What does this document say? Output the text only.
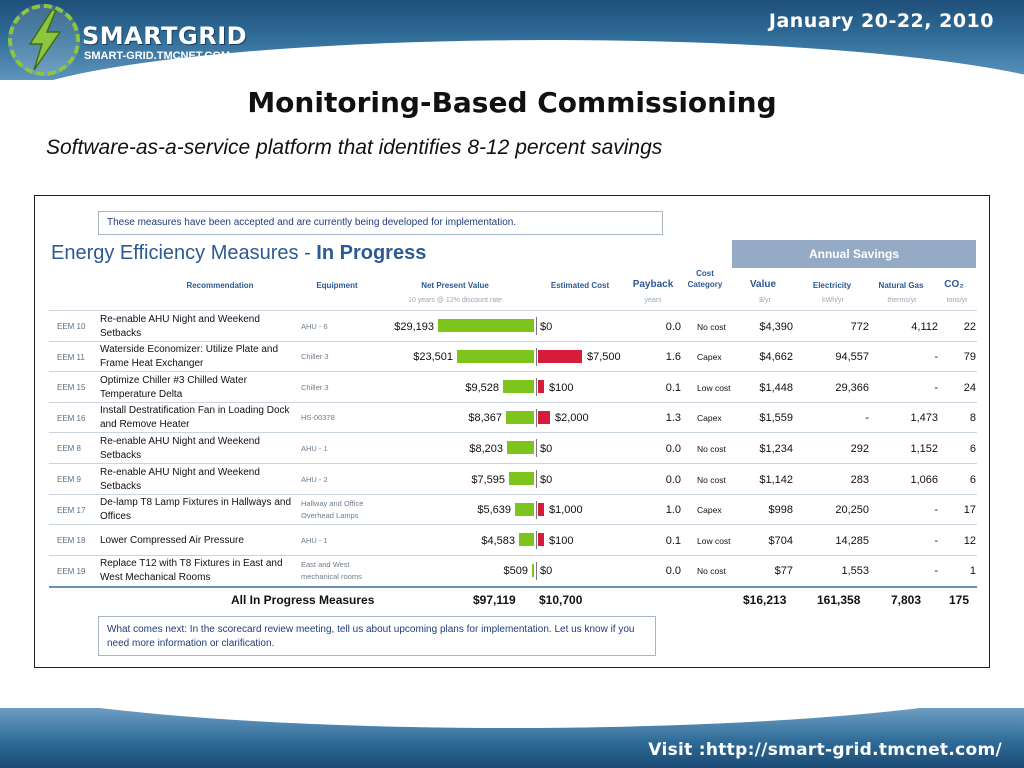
SMARTGRID
SMART-GRID.TMCNET.COM
January 20-22, 2010
Monitoring-Based Commissioning
Software-as-a-service platform that identifies 8-12 percent savings
These measures have been accepted and are currently being developed for implementation.
Energy Efficiency Measures - In Progress	Annual Savings
Recommendation	Equipment	Net Present Value	Estimated Cost	Payback
Cost Category	Value	Electricity	Natural Gas	CO₂
10 years @ 12% discount rate	years	$/yr	kWh/yr	therms/yr	tons/yr
EEM 10
Re-enable AHU Night and Weekend Setbacks
AHU - 6	$29,193	$0	0.0 No cost	$4,390	772	4,112	22
EEM 11
Waterside Economizer: Utilize Plate and Frame Heat Exchanger
Chiller 3	$23,501	$7,500	1.6 Capex	$4,662	94,557	-	79
EEM 15
Optimize Chiller #3 Chilled Water Temperature Delta
Chiller 3	$9,528	$100	0.1 Low cost	$1,448	29,366	-	24
EEM 16
Install Destratification Fan in Loading Dock and Remove Heater
HS-00378	$8,367	$2,000	1.3 Capex	$1,559	-	1,473	8
EEM 8
Re-enable AHU Night and Weekend Setbacks
AHU - 1	$8,203	$0	0.0 No cost	$1,234	292	1,152	6
EEM 9
Re-enable AHU Night and Weekend Setbacks
AHU - 2	$7,595	$0	0.0 No cost	$1,142	283	1,066	6
EEM 17
De-lamp T8 Lamp Fixtures in Hallways and Offices
Hallway and Office Overhead Lamps	$5,639	$1,000	1.0 Capex	$998	20,250	-	17
EEM 18	Lower Compressed Air Pressure	AHU - 1	$4,583	$100	0.1 Low cost	$704	14,285	-	12
EEM 19
Replace T12 with T8 Fixtures in East and West Mechanical Rooms
East and West mechanical rooms	$509 $0	0.0 No cost	$77	1,553	-	1
All In Progress Measures	$97,119 $10,700	$16,213	161,358	7,803 175
What comes next: In the scorecard review meeting, tell us about upcoming plans for implementation. Let us know if you need more information or clarification.
Visit :http://smart-grid.tmcnet.com/
